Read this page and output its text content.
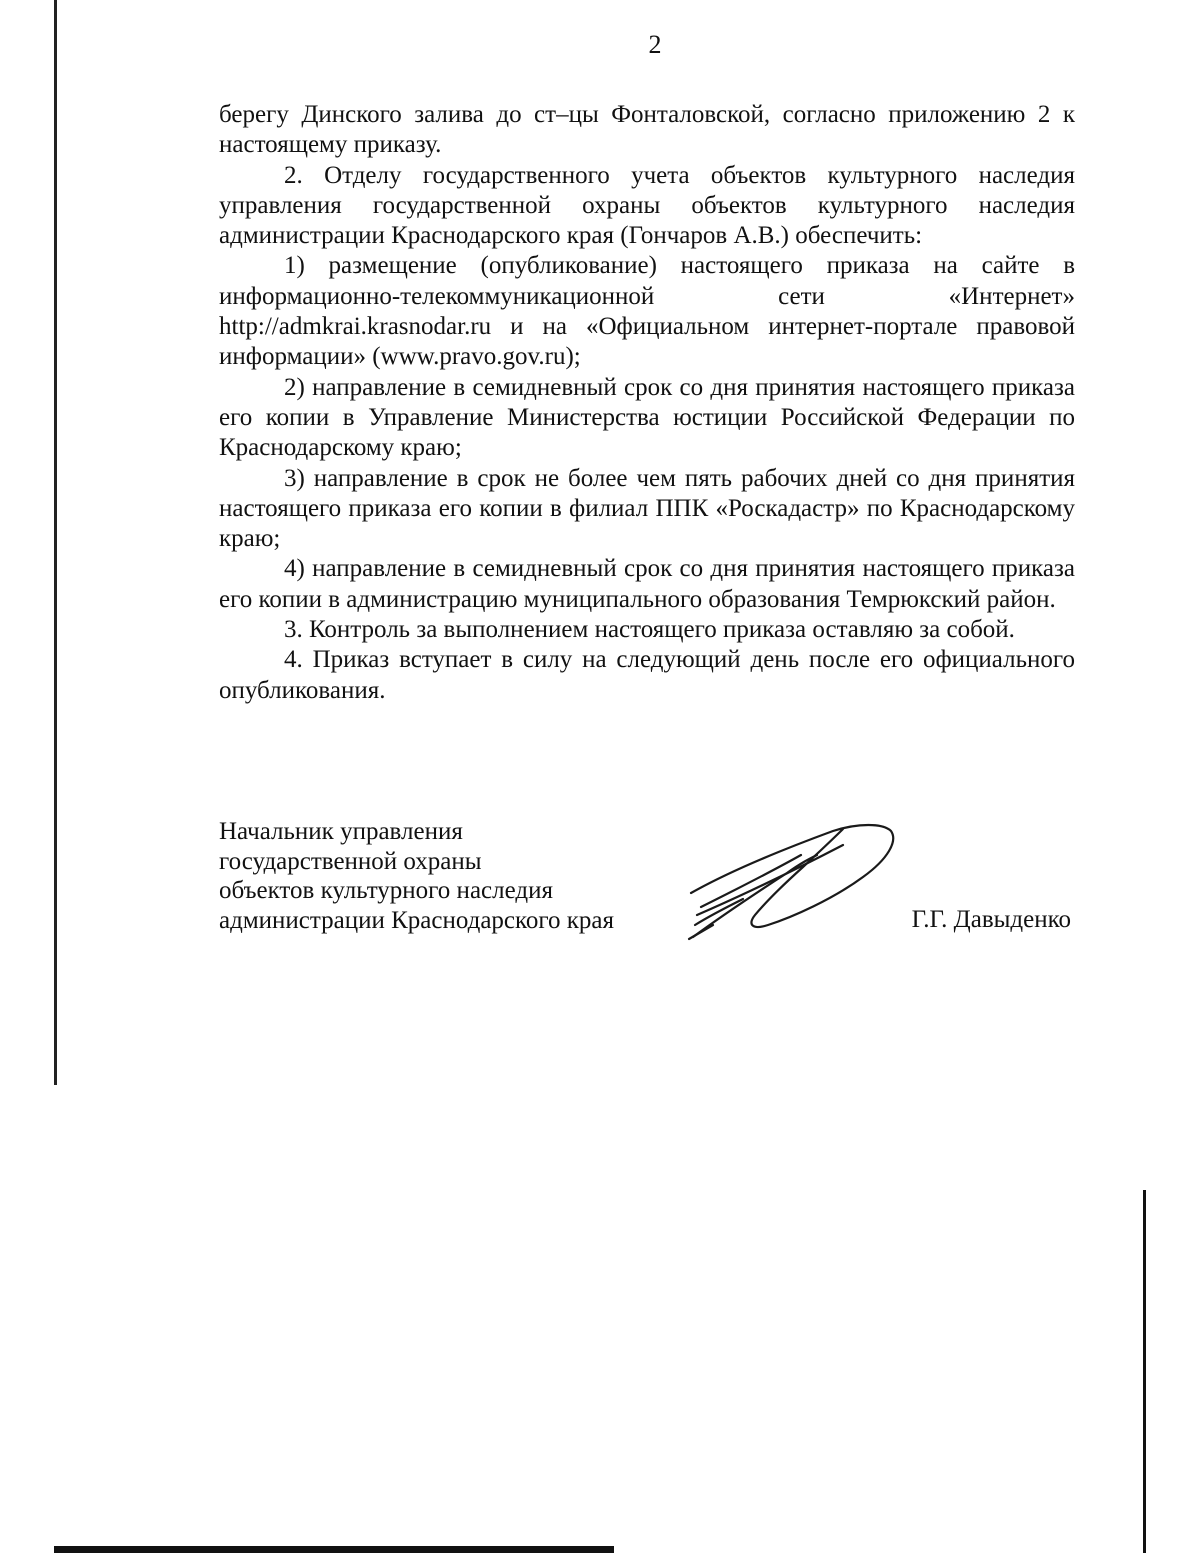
2

берегу Динского залива до ст–цы Фонталовской, согласно приложению 2 к настоящему приказу.

2. Отделу государственного учета объектов культурного наследия управления государственной охраны объектов культурного наследия администрации Краснодарского края (Гончаров А.В.) обеспечить:

1) размещение (опубликование) настоящего приказа на сайте в информационно-телекоммуникационной сети «Интернет» http://admkrai.krasnodar.ru и на «Официальном интернет-портале правовой информации» (www.pravo.gov.ru);

2) направление в семидневный срок со дня принятия настоящего приказа его копии в Управление Министерства юстиции Российской Федерации по Краснодарскому краю;

3) направление в срок не более чем пять рабочих дней со дня принятия настоящего приказа его копии в филиал ППК «Роскадастр» по Краснодарскому краю;

4) направление в семидневный срок со дня принятия настоящего приказа его копии в администрацию муниципального образования Темрюкский район.

3. Контроль за выполнением настоящего приказа оставляю за собой.

4. Приказ вступает в силу на следующий день после его официального опубликования.

Начальник управления
государственной охраны
объектов культурного наследия
администрации Краснодарского края	Г.Г. Давыденко
